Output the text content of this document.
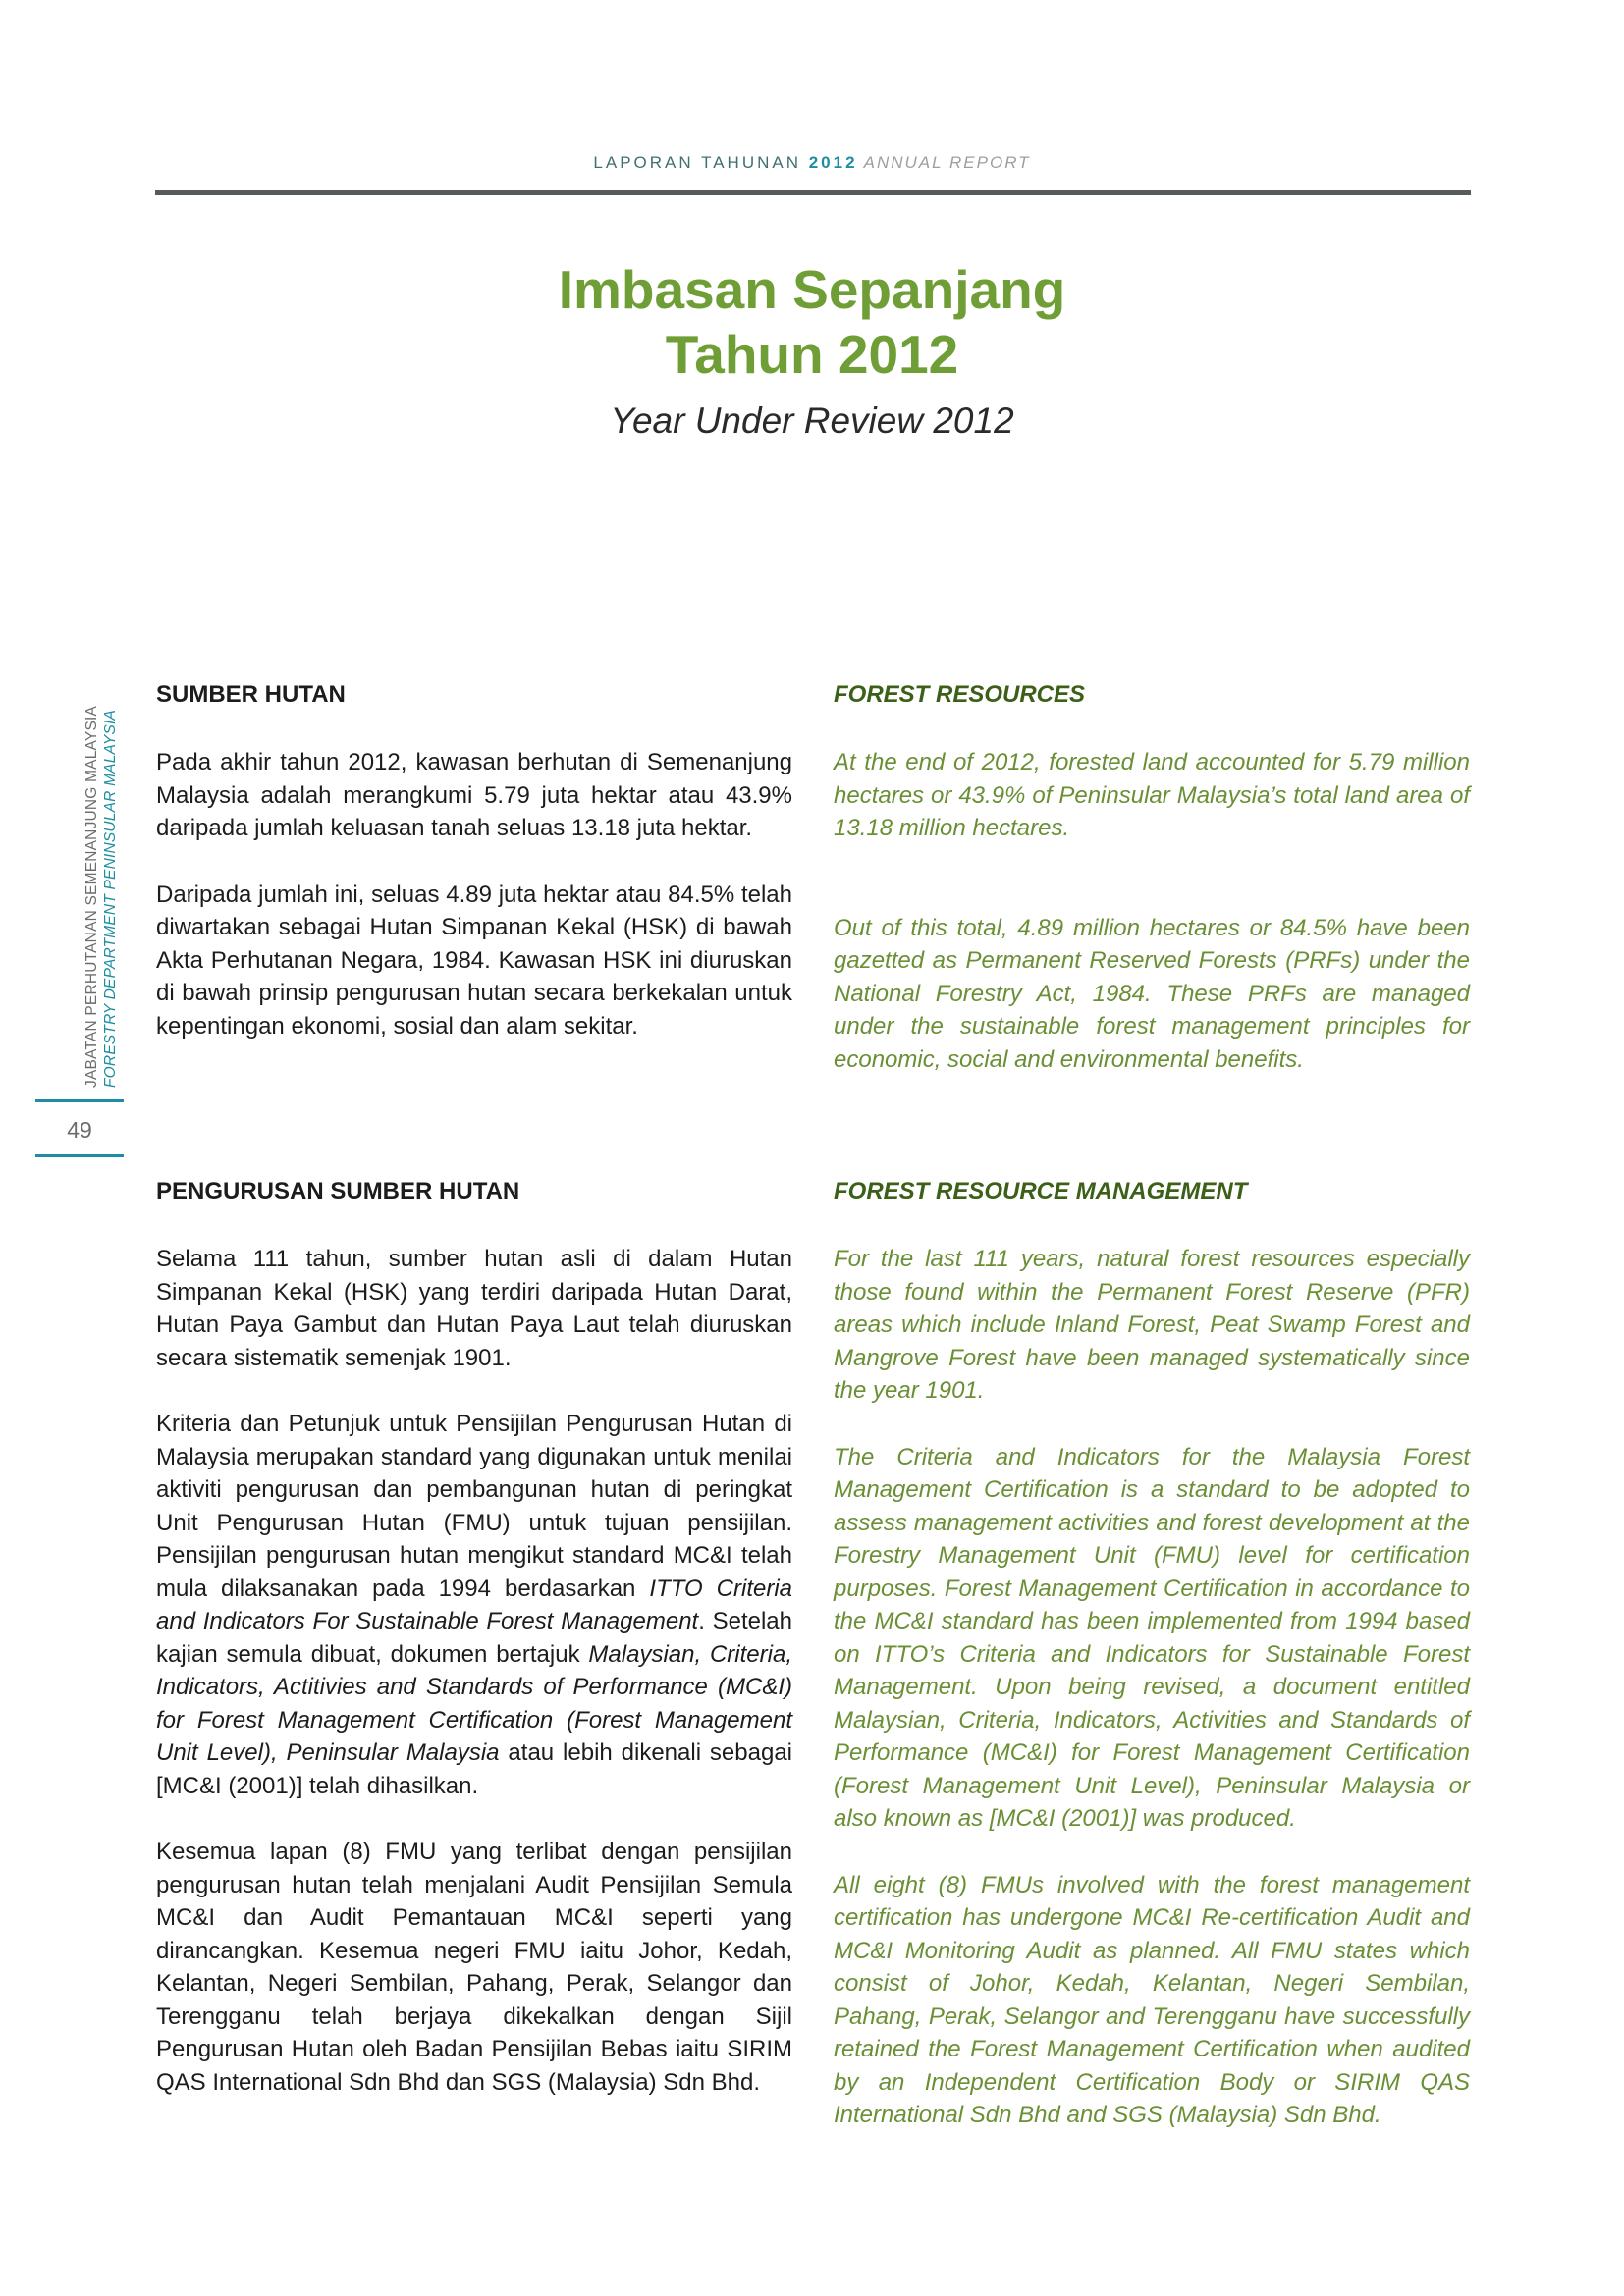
LAPORAN TAHUNAN 2012 ANNUAL REPORT
Imbasan Sepanjang
Tahun 2012
Year Under Review 2012
JABATAN PERHUTANAN SEMENANJUNG MALAYSIA FORESTRY DEPARTMENT PENINSULAR MALAYSIA
49
SUMBER HUTAN	FOREST RESOURCES

Pada akhir tahun 2012, kawasan berhutan di Semenanjung Malaysia adalah merangkumi 5.79 juta hektar atau 43.9% daripada jumlah keluasan tanah seluas 13.18 juta hektar.

Daripada jumlah ini, seluas 4.89 juta hektar atau 84.5% telah diwartakan sebagai Hutan Simpanan Kekal (HSK) di bawah Akta Perhutanan Negara, 1984. Kawasan HSK ini diuruskan di bawah prinsip pengurusan hutan secara berkekalan untuk kepentingan ekonomi, sosial dan alam sekitar.

At the end of 2012, forested land accounted for 5.79 million hectares or 43.9% of Peninsular Malaysia’s total land area of 13.18 million hectares.

Out of this total, 4.89 million hectares or 84.5% have been gazetted as Permanent Reserved Forests (PRFs) under the National Forestry Act, 1984. These PRFs are managed under the sustainable forest management principles for economic, social and environmental benefits.

PENGURUSAN SUMBER HUTAN	FOREST RESOURCE MANAGEMENT

Selama 111 tahun, sumber hutan asli di dalam Hutan Simpanan Kekal (HSK) yang terdiri daripada Hutan Darat, Hutan Paya Gambut dan Hutan Paya Laut telah diuruskan secara sistematik semenjak 1901.

Kriteria dan Petunjuk untuk Pensijilan Pengurusan Hutan di Malaysia merupakan standard yang digunakan untuk menilai aktiviti pengurusan dan pembangunan hutan di peringkat Unit Pengurusan Hutan (FMU) untuk tujuan pensijilan. Pensijilan pengurusan hutan mengikut standard MC&I telah mula dilaksanakan pada 1994 berdasarkan ITTO Criteria and Indicators For Sustainable Forest Management. Setelah kajian semula dibuat, dokumen bertajuk Malaysian, Criteria, Indicators, Actitivies and Standards of Performance (MC&I) for Forest Management Certification (Forest Management Unit Level), Peninsular Malaysia atau lebih dikenali sebagai [MC&I (2001)] telah dihasilkan.

Kesemua lapan (8) FMU yang terlibat dengan pensijilan pengurusan hutan telah menjalani Audit Pensijilan Semula MC&I dan Audit Pemantauan MC&I seperti yang dirancangkan. Kesemua negeri FMU iaitu Johor, Kedah, Kelantan, Negeri Sembilan, Pahang, Perak, Selangor dan Terengganu telah berjaya dikekalkan dengan Sijil Pengurusan Hutan oleh Badan Pensijilan Bebas iaitu SIRIM QAS International Sdn Bhd dan SGS (Malaysia) Sdn Bhd.

For the last 111 years, natural forest resources especially those found within the Permanent Forest Reserve (PFR) areas which include Inland Forest, Peat Swamp Forest and Mangrove Forest have been managed systematically since the year 1901.

The Criteria and Indicators for the Malaysia Forest Management Certification is a standard to be adopted to assess management activities and forest development at the Forestry Management Unit (FMU) level for certification purposes. Forest Management Certification in accordance to the MC&I standard has been implemented from 1994 based on ITTO’s Criteria and Indicators for Sustainable Forest Management. Upon being revised, a document entitled Malaysian, Criteria, Indicators, Activities and Standards of Performance (MC&I) for Forest Management Certification (Forest Management Unit Level), Peninsular Malaysia or also known as [MC&I (2001)] was produced.

All eight (8) FMUs involved with the forest management certification has undergone MC&I Re-certification Audit and MC&I Monitoring Audit as planned. All FMU states which consist of Johor, Kedah, Kelantan, Negeri Sembilan, Pahang, Perak, Selangor and Terengganu have successfully retained the Forest Management Certification when audited by an Independent Certification Body or SIRIM QAS International Sdn Bhd and SGS (Malaysia) Sdn Bhd.
